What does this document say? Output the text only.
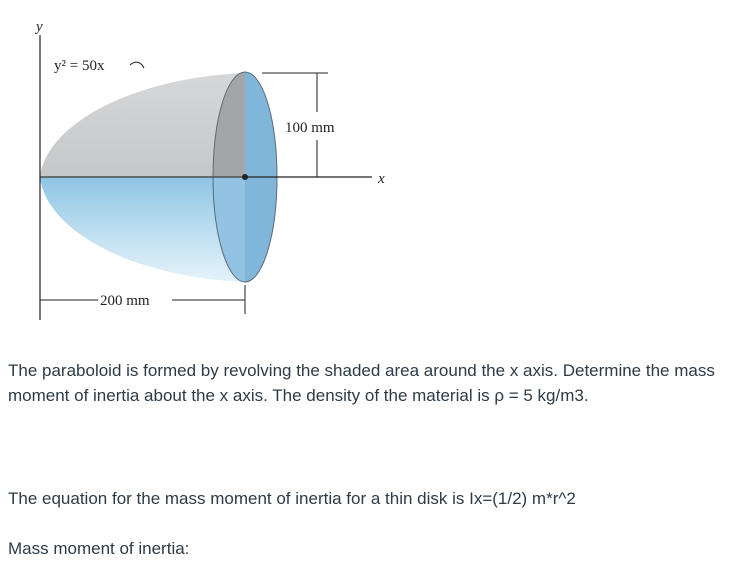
y
x
y² = 50x
100 mm
200 mm

The paraboloid is formed by revolving the shaded area around the x axis. Determine the mass moment of inertia about the x axis. The density of the material is ρ = 5 kg/m3.

The equation for the mass moment of inertia for a thin disk is Ix=(1/2) m*r^2

Mass moment of inertia:
